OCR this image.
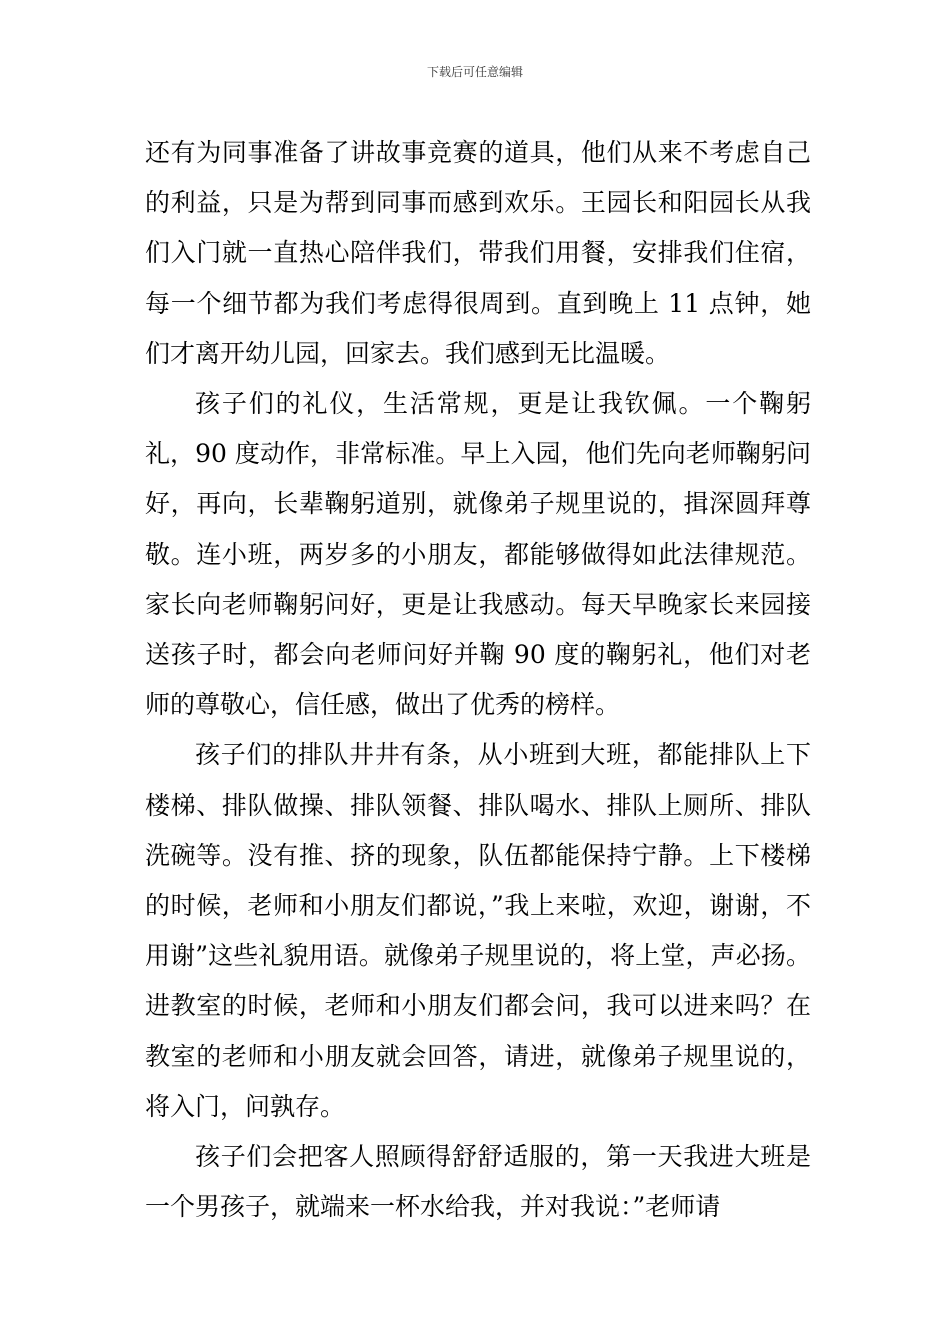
下载后可任意编辑

还有为同事准备了讲故事竞赛的道具，他们从来不考虑自己的利益，只是为帮到同事而感到欢乐。王园长和阳园长从我们入门就一直热心陪伴我们，带我们用餐，安排我们住宿，每一个细节都为我们考虑得很周到。直到晚上 11 点钟，她们才离开幼儿园，回家去。我们感到无比温暖。

孩子们的礼仪，生活常规，更是让我钦佩。一个鞠躬礼，90 度动作，非常标准。早上入园，他们先向老师鞠躬问好，再向，长辈鞠躬道别，就像弟子规里说的，揖深圆拜尊敬。连小班，两岁多的小朋友，都能够做得如此法律规范。家长向老师鞠躬问好，更是让我感动。每天早晚家长来园接送孩子时，都会向老师问好并鞠 90 度的鞠躬礼，他们对老师的尊敬心，信任感，做出了优秀的榜样。

孩子们的排队井井有条，从小班到大班，都能排队上下楼梯、排队做操、排队领餐、排队喝水、排队上厕所、排队洗碗等。没有推、挤的现象，队伍都能保持宁静。上下楼梯的时候，老师和小朋友们都说，”我上来啦，欢迎，谢谢，不用谢”这些礼貌用语。就像弟子规里说的，将上堂，声必扬。进教室的时候，老师和小朋友们都会问，我可以进来吗？在教室的老师和小朋友就会回答，请进，就像弟子规里说的，将入门，问孰存。

孩子们会把客人照顾得舒舒适服的，第一天我进大班是一个男孩子，就端来一杯水给我，并对我说：”老师请
